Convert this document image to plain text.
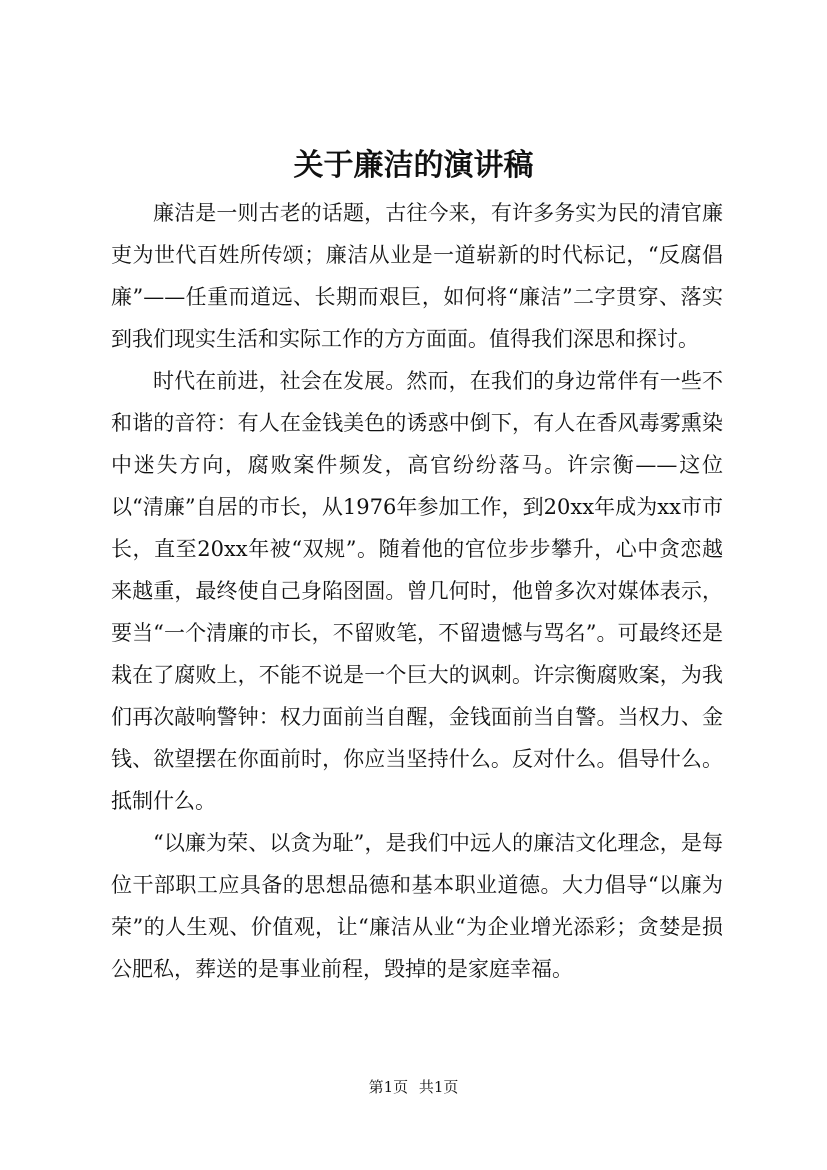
关于廉洁的演讲稿

廉洁是一则古老的话题，古往今来，有许多务实为民的清官廉吏为世代百姓所传颂；廉洁从业是一道崭新的时代标记，“反腐倡廉”——任重而道远、长期而艰巨，如何将“廉洁”二字贯穿、落实到我们现实生活和实际工作的方方面面。值得我们深思和探讨。

时代在前进，社会在发展。然而，在我们的身边常伴有一些不和谐的音符：有人在金钱美色的诱惑中倒下，有人在香风毒雾熏染中迷失方向，腐败案件频发，高官纷纷落马。许宗衡——这位以“清廉”自居的市长，从1976年参加工作，到20xx年成为xx市市长，直至20xx年被“双规”。随着他的官位步步攀升，心中贪恋越来越重，最终使自己身陷囹圄。曾几何时，他曾多次对媒体表示，要当“一个清廉的市长，不留败笔，不留遗憾与骂名”。可最终还是栽在了腐败上，不能不说是一个巨大的讽刺。许宗衡腐败案，为我们再次敲响警钟：权力面前当自醒，金钱面前当自警。当权力、金钱、欲望摆在你面前时，你应当坚持什么。反对什么。倡导什么。抵制什么。

“以廉为荣、以贪为耻”，是我们中远人的廉洁文化理念，是每位干部职工应具备的思想品德和基本职业道德。大力倡导“以廉为荣”的人生观、价值观，让“廉洁从业“为企业增光添彩；贪婪是损公肥私，葬送的是事业前程，毁掉的是家庭幸福。

第1页 共1页
